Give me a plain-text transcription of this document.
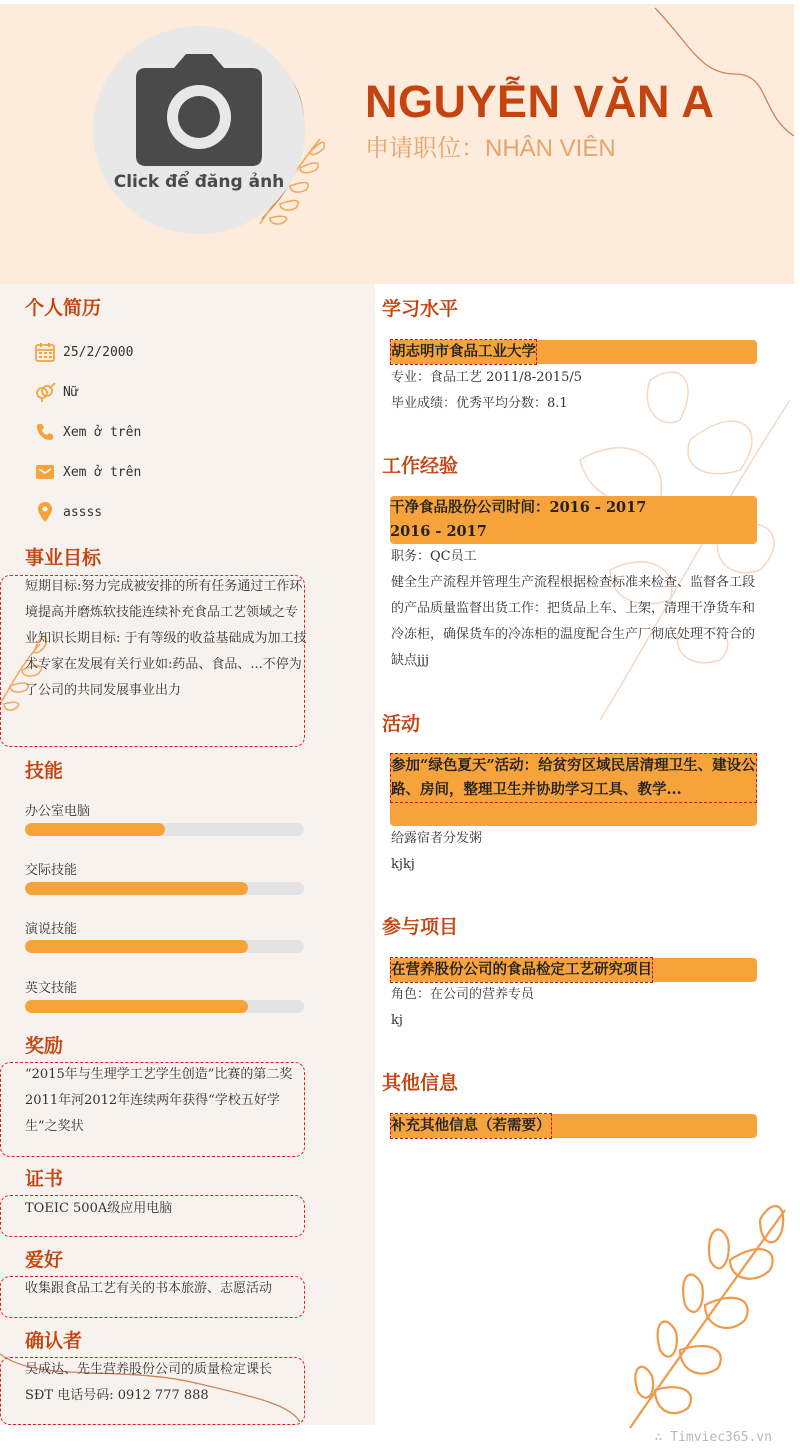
Click để đăng ảnh
NGUYỄN VĂN A
申请职位：NHÂN VIÊN
个人简历
25/2/2000
Nữ
Xem ở trên
Xem ở trên
assss
事业目标
短期目标:努力完成被安排的所有任务通过工作环境提高并磨炼软技能连续补充食品工艺领域之专业知识长期目标: 于有等级的收益基础成为加工技术专家在发展有关行业如:药品、食品、...不停为了公司的共同发展事业出力
技能
办公室电脑
交际技能
演说技能
英文技能
奖励
“2015年与生理学工艺学生创造”比赛的第二奖2011年河2012年连续两年获得“学校五好学生”之奖状
证书
TOEIC 500A级应用电脑
爱好
收集跟食品工艺有关的书本旅游、志愿活动
确认者
吴成达、先生营养股份公司的质量检定课长
SĐT 电话号码: 0912 777 888
学习水平
胡志明市食品工业大学
专业：食品工艺 2011/8-2015/5
毕业成绩：优秀平均分数：8.1
工作经验
干净食品股份公司时间：2016 - 2017
2016 - 2017
职务：QC员工
健全生产流程并管理生产流程根据检查标准来检查、监督各工段的产品质量监督出货工作：把货品上车、上架，清理干净货车和冷冻柜，确保货车的冷冻柜的温度配合生产厂彻底处理不符合的缺点jjj
活动
参加“绿色夏天”活动：给贫穷区域民居清理卫生、建设公路、房间，整理卫生并协助学习工具、教学...
给露宿者分发粥
kjkj
参与项目
在营养股份公司的食品检定工艺研究项目
角色：在公司的营养专员
kj
其他信息
补充其他信息（若需要）
∴ Timviec365.vn
